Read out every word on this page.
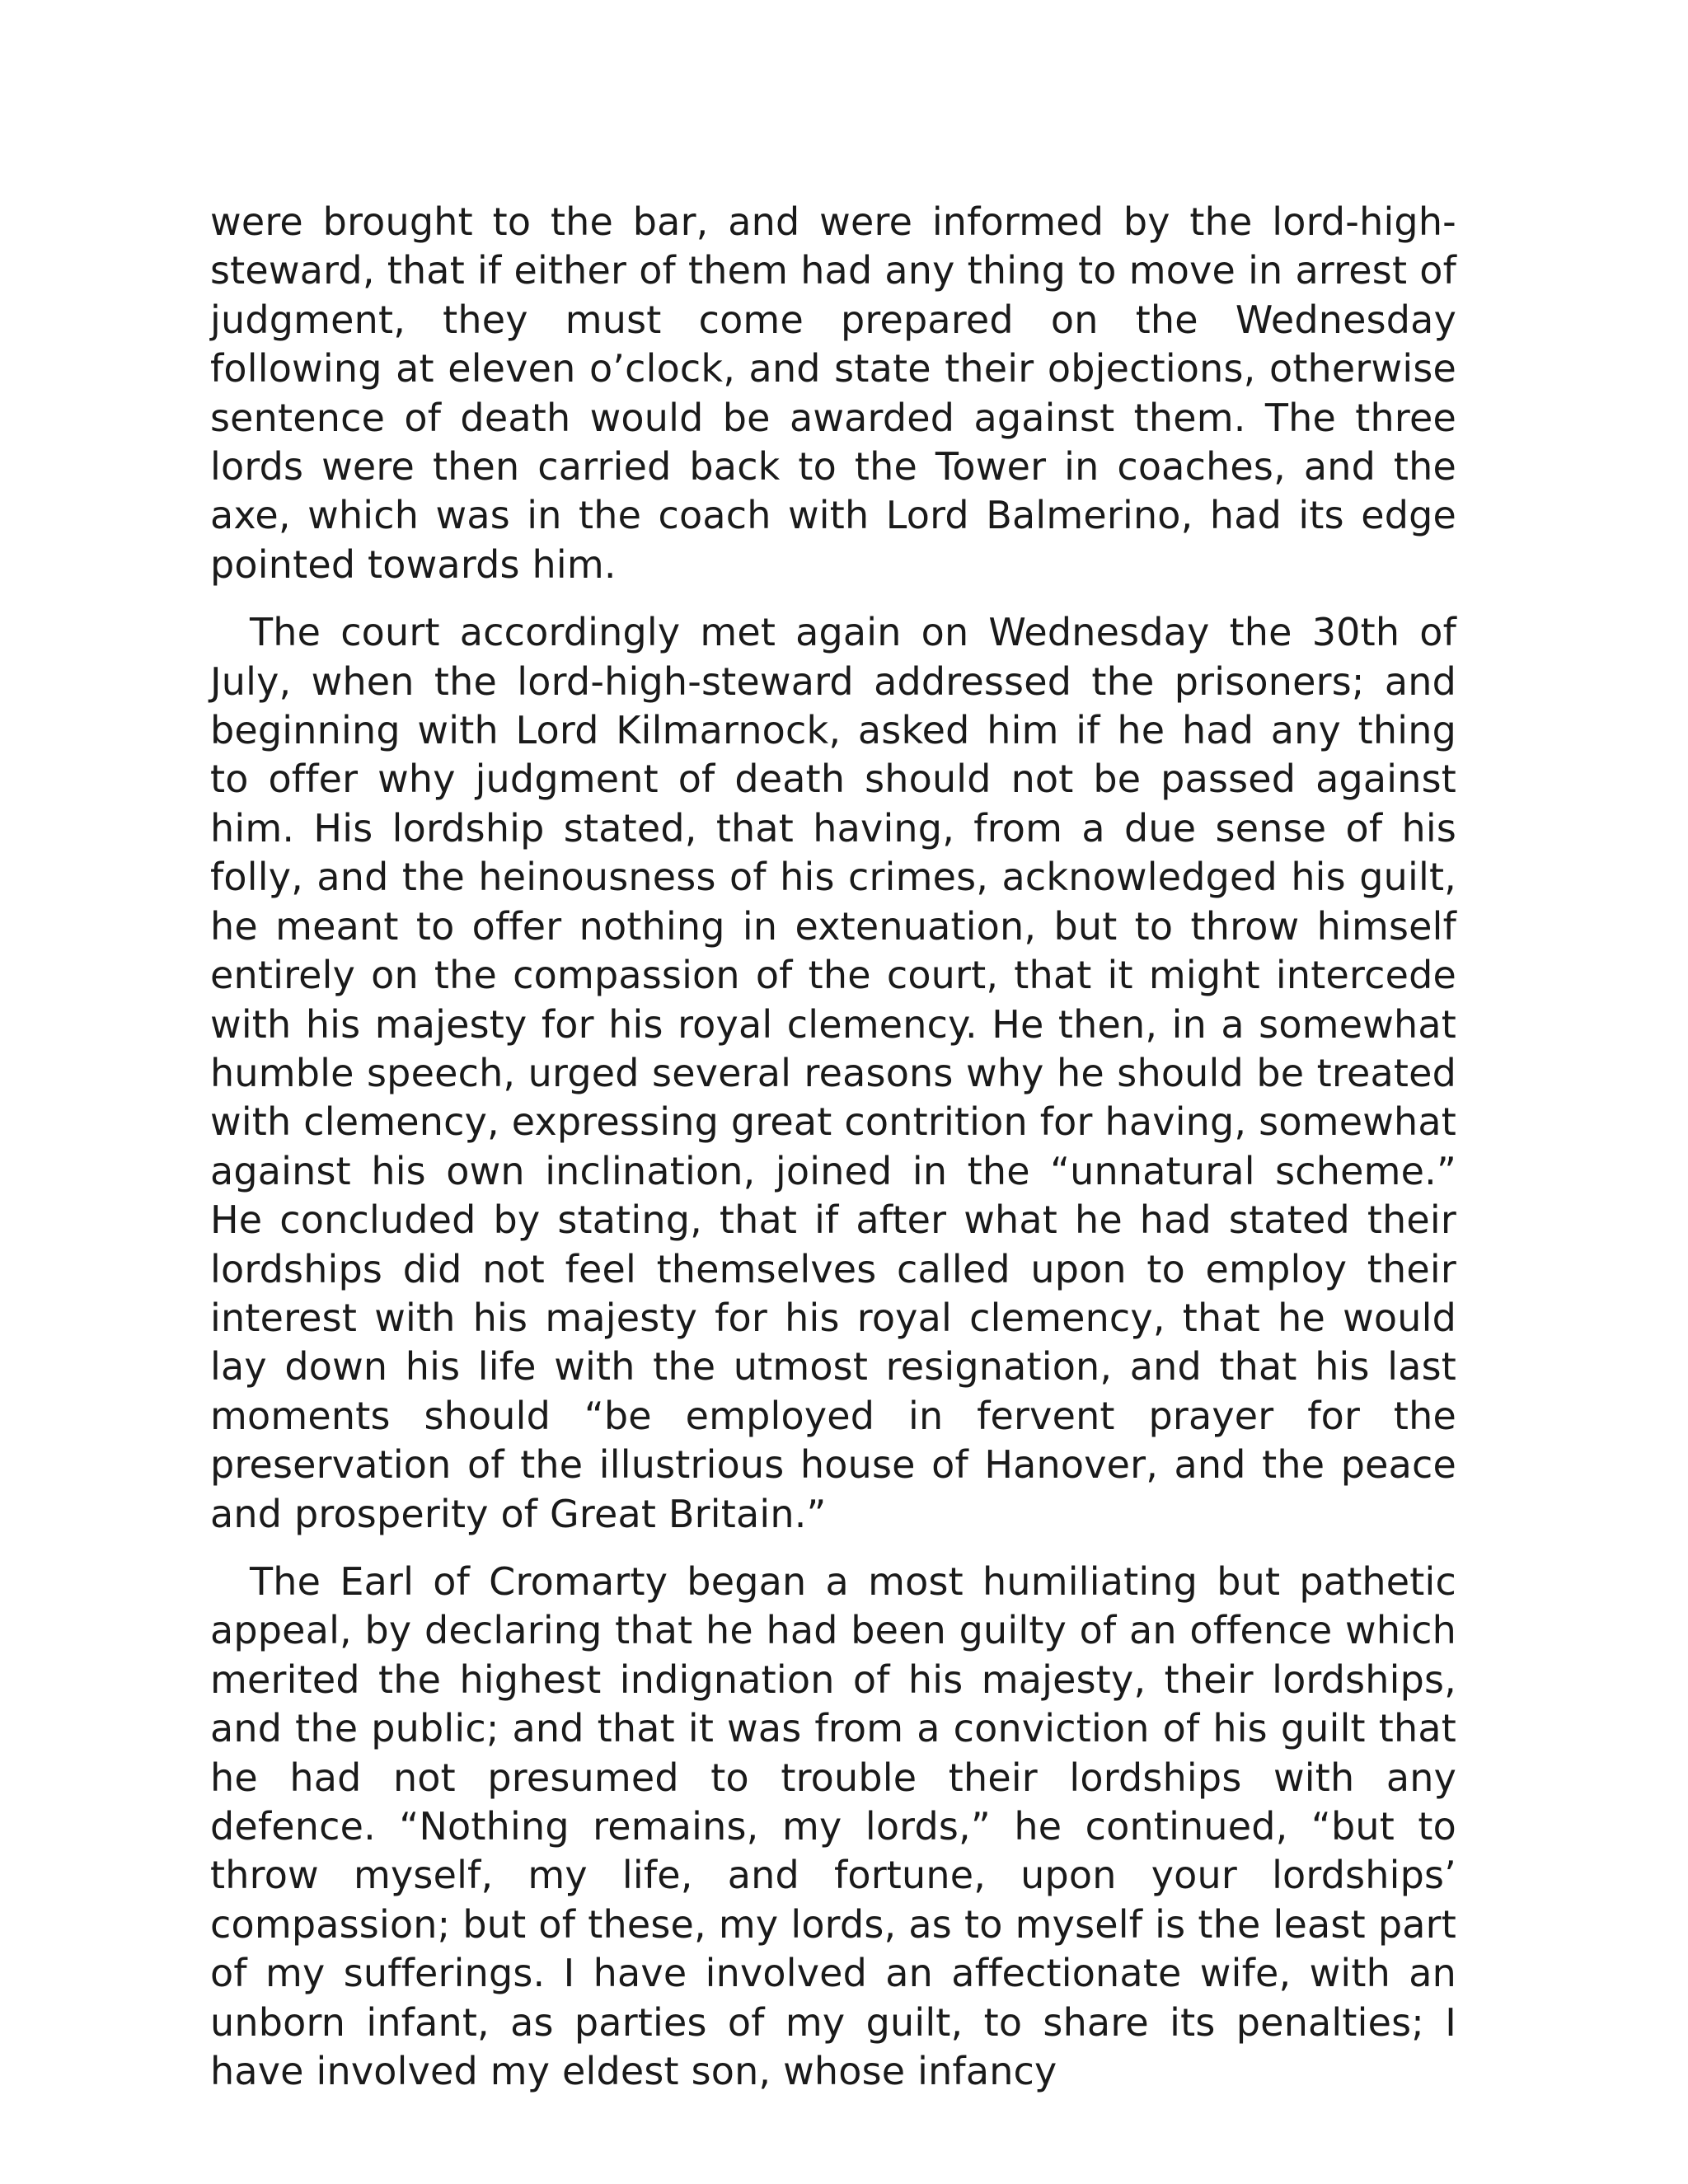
were brought to the bar, and were informed by the lord-high-steward, that if either of them had any thing to move in arrest of judgment, they must come prepared on the Wednesday following at eleven o’clock, and state their objections, otherwise sentence of death would be awarded against them. The three lords were then carried back to the Tower in coaches, and the axe, which was in the coach with Lord Balmerino, had its edge pointed towards him.

The court accordingly met again on Wednesday the 30th of July, when the lord-high-steward addressed the prisoners; and beginning with Lord Kilmarnock, asked him if he had any thing to offer why judgment of death should not be passed against him. His lordship stated, that having, from a due sense of his folly, and the heinousness of his crimes, acknowledged his guilt, he meant to offer nothing in extenuation, but to throw himself entirely on the compassion of the court, that it might intercede with his majesty for his royal clemency. He then, in a somewhat humble speech, urged several reasons why he should be treated with clemency, expressing great contrition for having, somewhat against his own inclination, joined in the “unnatural scheme.” He concluded by stating, that if after what he had stated their lordships did not feel themselves called upon to employ their interest with his majesty for his royal clemency, that he would lay down his life with the utmost resignation, and that his last moments should “be employed in fervent prayer for the preservation of the illustrious house of Hanover, and the peace and prosperity of Great Britain.”

The Earl of Cromarty began a most humiliating but pathetic appeal, by declaring that he had been guilty of an offence which merited the highest indignation of his majesty, their lordships, and the public; and that it was from a conviction of his guilt that he had not presumed to trouble their lordships with any defence. “Nothing remains, my lords,” he continued, “but to throw myself, my life, and fortune, upon your lordships’ compassion; but of these, my lords, as to myself is the least part of my sufferings. I have involved an affectionate wife, with an unborn infant, as parties of my guilt, to share its penalties; I have involved my eldest son, whose infancy
